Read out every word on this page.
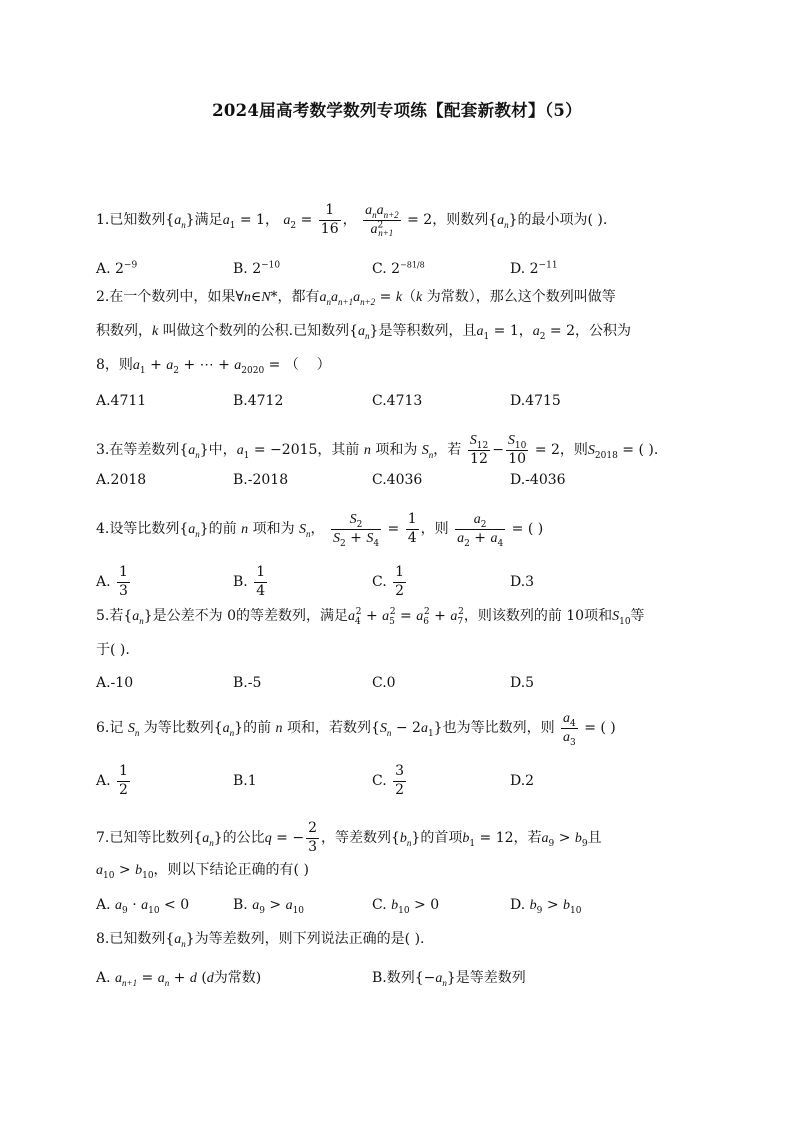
2024届高考数学数列专项练【配套新教材】（5）
1.已知数列$\{a_n\}$满足$a_1 = 1$， $a_2 = \frac{1}{16}$ ， $\frac{a_na_{n+2}}{a^2_{n+1}} = 2$，则数列$\{a_n\}$的最小项为( ).
A. $2^{-9}$	B. $2^{-10}$	C. $2^{-81/8}$	D. $2^{-11}$
2.在一个数列中，如果∀n∈N*，都有$a_na_{n+1}a_{n+2} = k(k$ 为常数），那么这个数列叫做等
积数列，k 叫做这个数列的公积.已知数列$\{a_n\}$是等积数列，且$a_1 = 1$，$a_2 = 2$，公积为
8，则$a_1 + a_2$ + ⋯ + $a_{2020}$ = （    ）
A.4711	B.4712	C.4713	D.4715
3.在等差数列$\{a_n\}$中，$a_1 = -2015$，其前 n 项和为 $S_n$，若 $\frac{S_{12}}{12} - \frac{S_{10}}{10} = 2$，则$S_{2018}$ = ( ).
A.2018	B.-2018	C.4036	D.-4036
4.设等比数列$\{a_n\}$的前 n 项和为 $S_n$， $\frac{S_2}{S_2 + S_4} = \frac{1}{4}$ ，则 $\frac{a_2}{a_2 + a_4}$ = ( )
A. $\frac{1}{3}$	B. $\frac{1}{4}$	C. $\frac{1}{2}$	D.3
5.若$\{a_n\}$是公差不为 0的等差数列，满足$a_4^2 + a_5^2 = a_6^2 + a_7^2$，则该数列的前 10项和$S_{10}$等
于( ).
A.-10	B.-5	C.0	D.5
6.记 $S_n$ 为等比数列$\{a_n\}$的前 n 项和，若数列$\{S_n - 2a_1\}$也为等比数列，则 $\frac{a_4}{a_3}$ = ( )
A. $\frac{1}{2}$	B.1	C. $\frac{3}{2}$	D.2
7.已知等比数列$\{a_n\}$的公比q = − $\frac{2}{3}$ ，等差数列$\{b_n\}$的首项$b_1 = 12$，若$a_9 > b_9$且
$a_{10} > b_{10}$，则以下结论正确的有( )
A. $a_9 \cdot a_{10} < 0$	B. $a_9 > a_{10}$	C. $b_{10} > 0$	D. $b_9 > b_{10}$
8.已知数列$\{a_n\}$为等差数列，则下列说法正确的是( ).
A. $a_{n+1} = a_n + d$ (d为常数)	B.数列$\{-a_n\}$是等差数列
